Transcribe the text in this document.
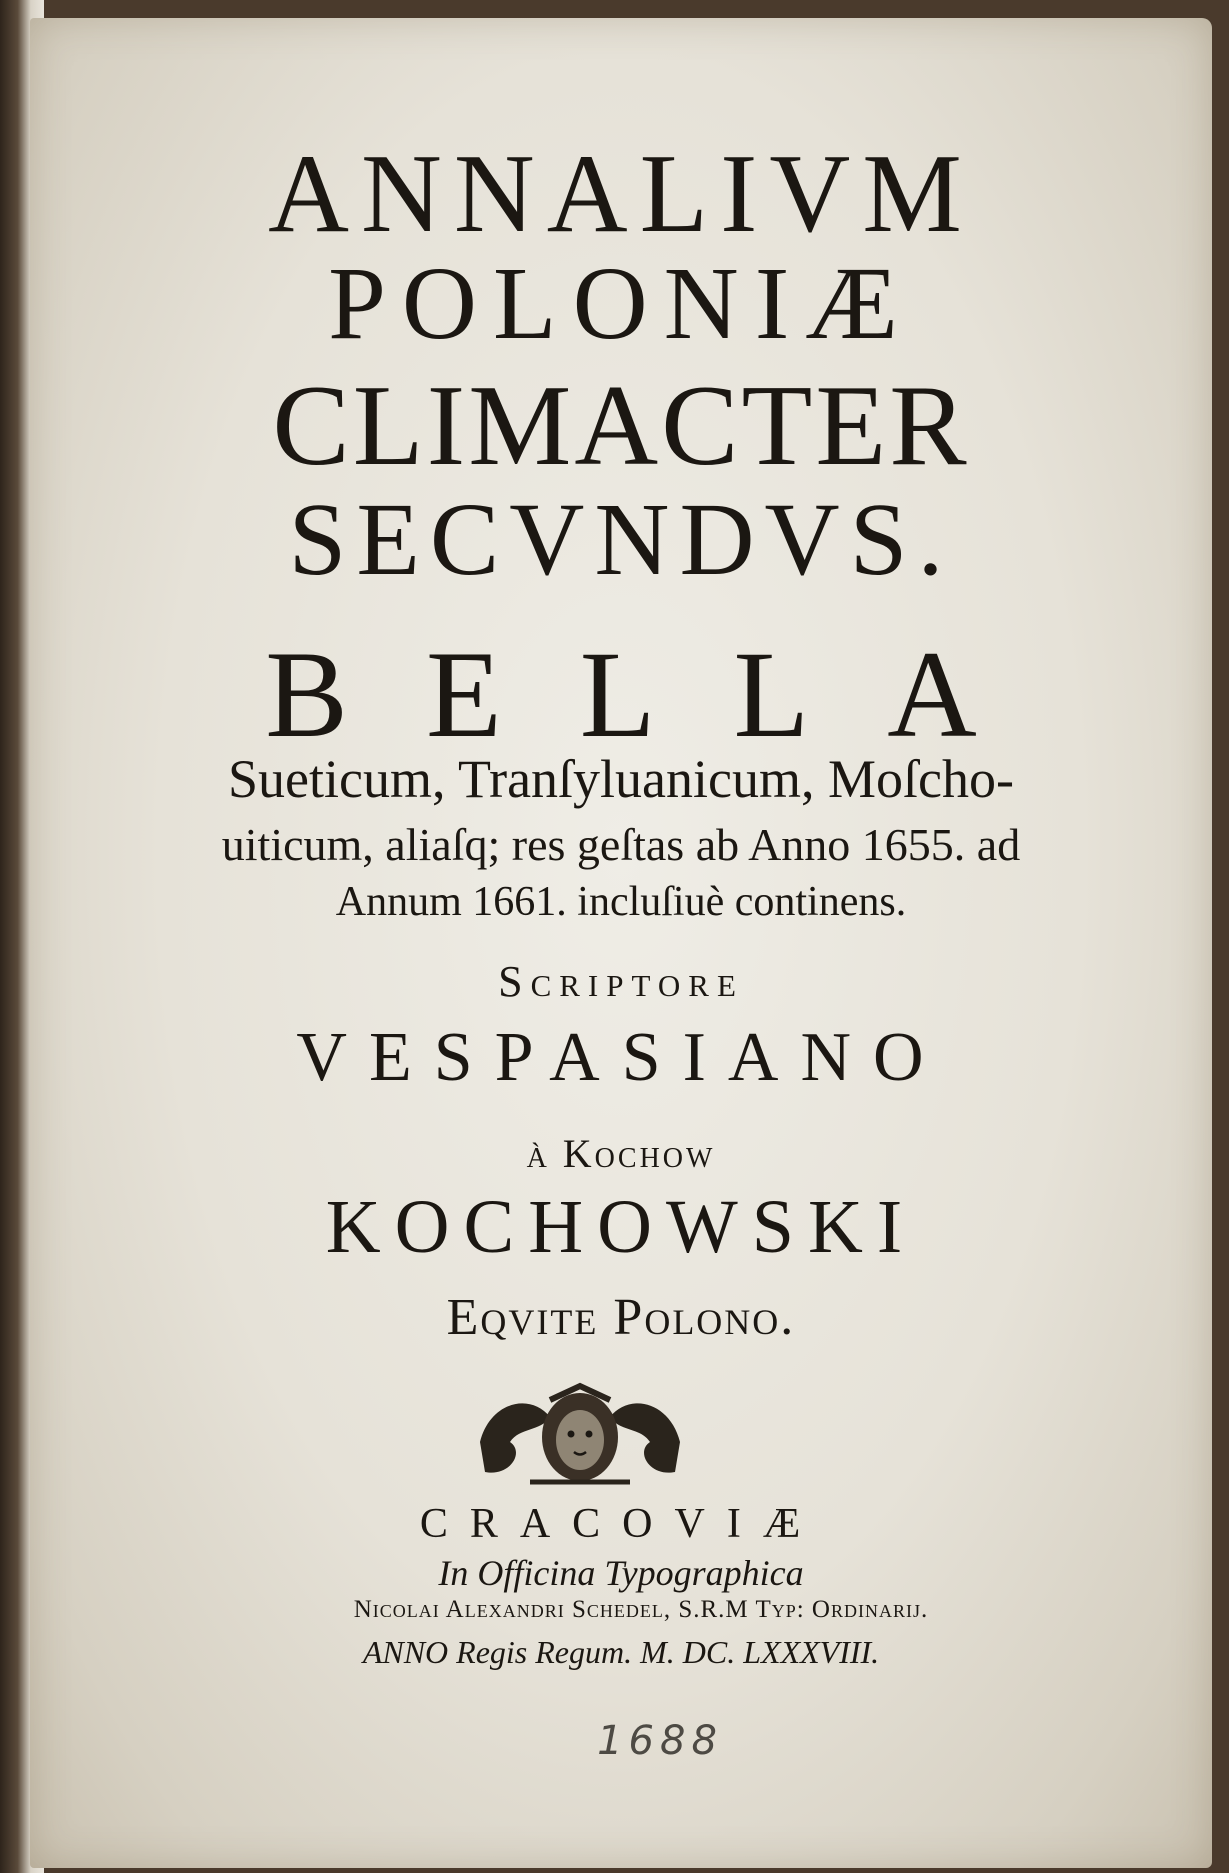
ANNALIVM
POLONIÆ
CLIMACTER
SECVNDVS.
BELLA
Sueticum, Tranſyluanicum, Moſcho-
uiticum, aliaſq; res geſtas ab Anno 1655. ad
Annum 1661. incluſiuè continens.
Scriptore
VESPASIANO
à Kochow
KOCHOWSKI
Eqvite Polono.
CRACOVIÆ
In Officina Typographica
Nicolai Alexandri Schedel, S.R.M Typ: Ordinarij.
ANNO Regis Regum. M. DC. LXXXVIII.
1688
